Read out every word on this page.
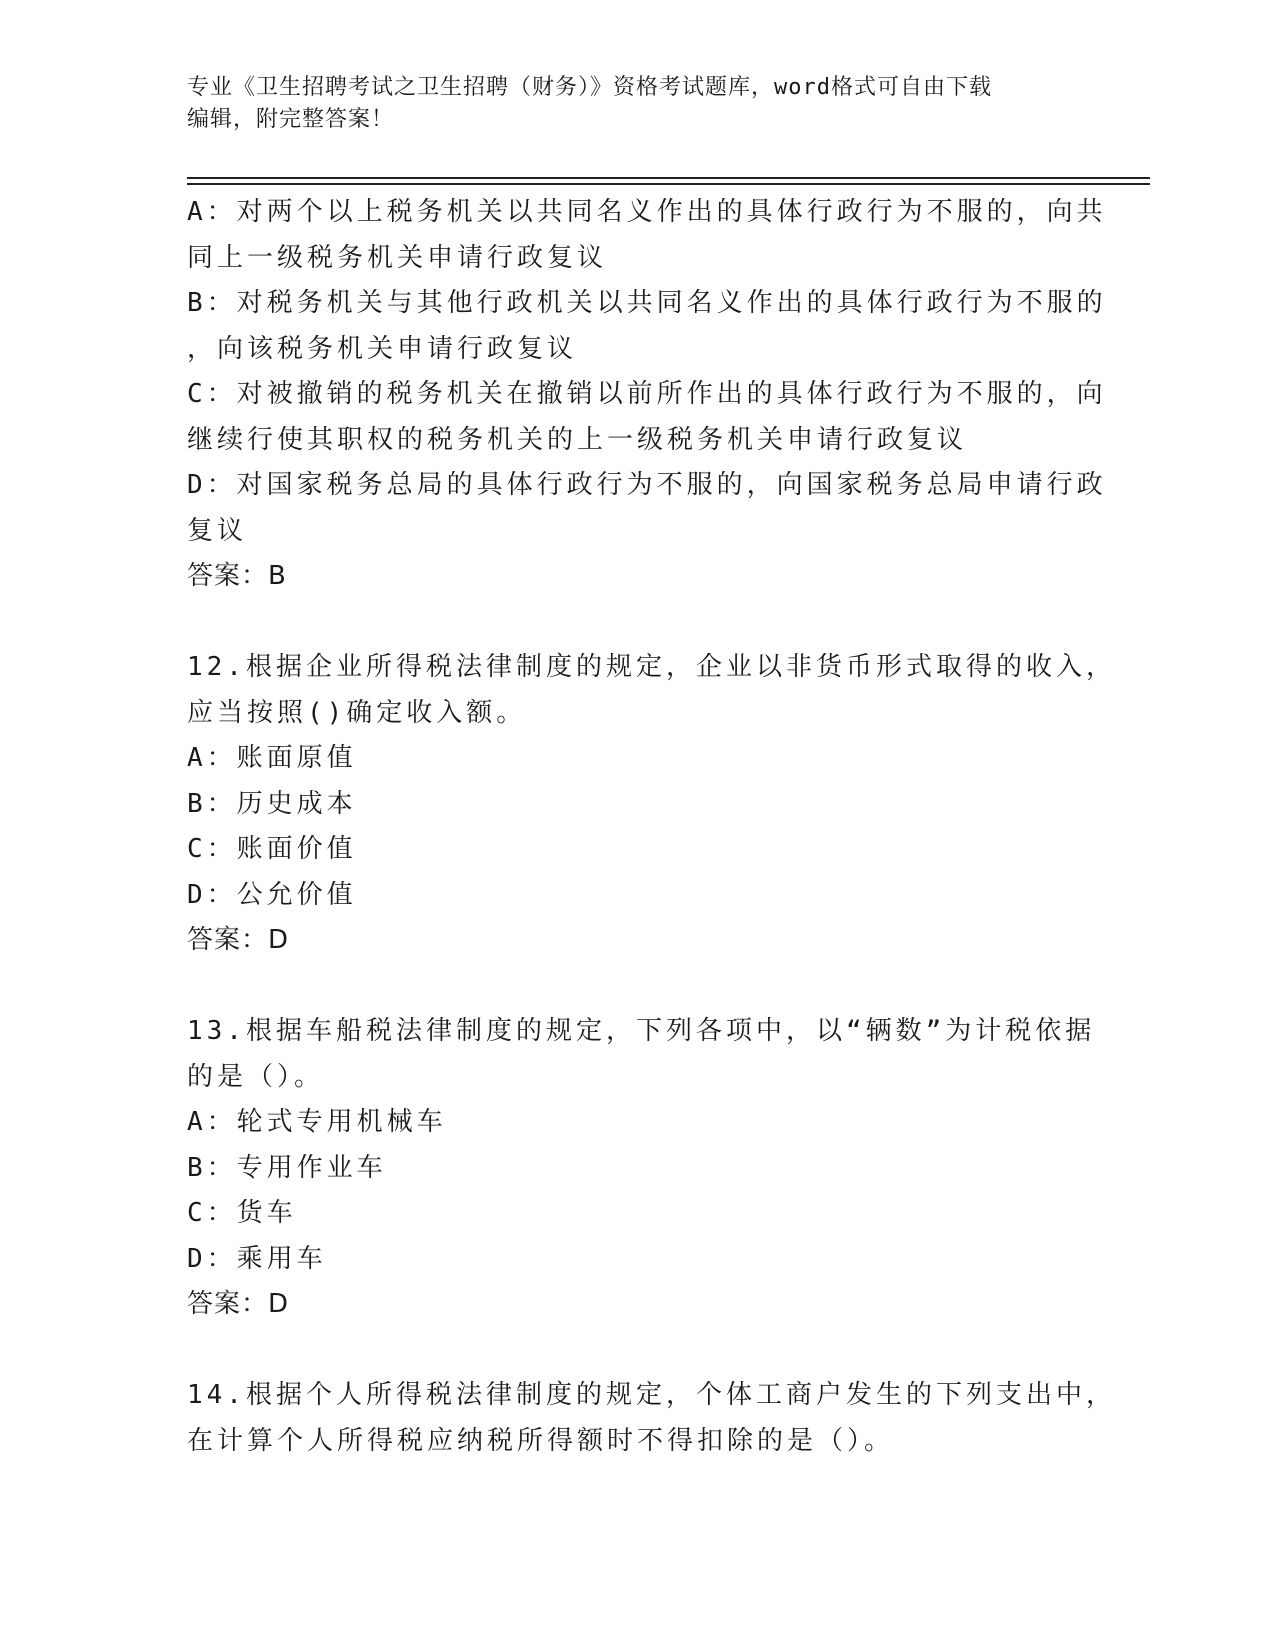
专业《卫生招聘考试之卫生招聘（财务）》资格考试题库，word格式可自由下载
编辑，附完整答案！
A：对两个以上税务机关以共同名义作出的具体行政行为不服的，向共
同上一级税务机关申请行政复议
B：对税务机关与其他行政机关以共同名义作出的具体行政行为不服的
，向该税务机关申请行政复议
C：对被撤销的税务机关在撤销以前所作出的具体行政行为不服的，向
继续行使其职权的税务机关的上一级税务机关申请行政复议
D：对国家税务总局的具体行政行为不服的，向国家税务总局申请行政
复议
答案：B
12.根据企业所得税法律制度的规定，企业以非货币形式取得的收入，
应当按照()确定收入额。
A：账面原值
B：历史成本
C：账面价值
D：公允价值
答案：D
13.根据车船税法律制度的规定，下列各项中，以“辆数”为计税依据
的是（）。
A：轮式专用机械车
B：专用作业车
C：货车
D：乘用车
答案：D
14.根据个人所得税法律制度的规定，个体工商户发生的下列支出中，
在计算个人所得税应纳税所得额时不得扣除的是（）。
